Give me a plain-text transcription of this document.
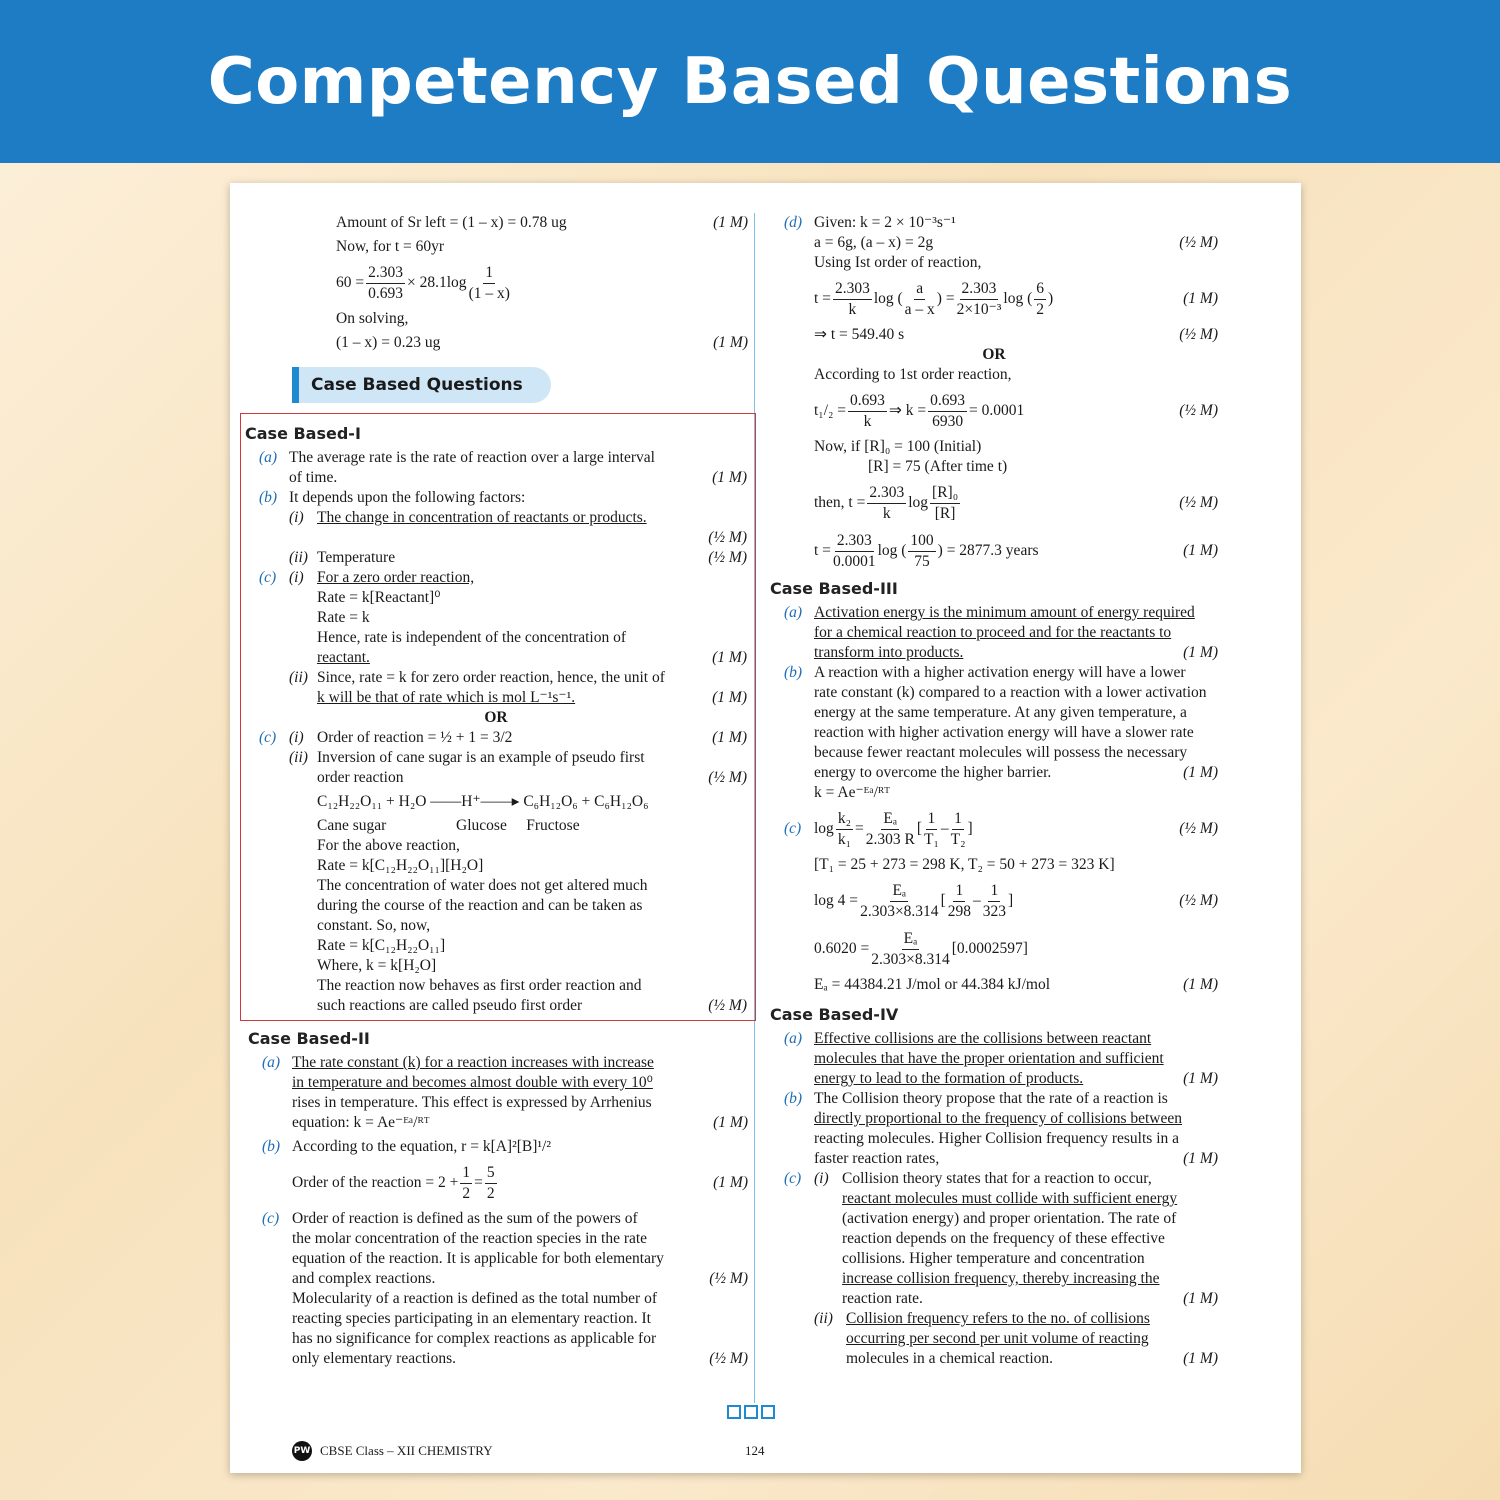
Competency Based Questions
Amount of Sr left = (1 – x) = 0.78 ug	(1 M)
Now, for t = 60yr
$60 = \frac{2.303}{0.693} \times 28.1\log \frac{1}{(1 - x)}$
On solving,
(1 – x) = 0.23 ug	(1 M)
Case Based Questions
Case Based-I
(a) The average rate is the rate of reaction over a large interval
of time.	(1 M)
(b) It depends upon the following factors:
(i) The change in concentration of reactants or products.
(½ M)

(ii) Temperature	(½ M)
(c) (i) For a zero order reaction,
Rate = k[Reactant]⁰
Rate = k
Hence, rate is independent of the concentration of
reactant.	(1 M)
(ii) Since, rate = k for zero order reaction, hence, the unit of
k will be that of rate which is mol L⁻¹s⁻¹.	(1 M)
OR
(c) (i) Order of reaction = ½ + 1 = 3/2	(1 M)
(ii) Inversion of cane sugar is an example of pseudo first
order reaction	(½ M)
C₁₂H₂₂O₁₁ + H₂O ——H⁺——▸ C₆H₁₂O₆ + C₆H₁₂O₆
Cane sugar                  Glucose     Fructose
For the above reaction,
Rate = k[C₁₂H₂₂O₁₁][H₂O]
The concentration of water does not get altered much
during the course of the reaction and can be taken as
constant. So, now,
Rate = k[C₁₂H₂₂O₁₁]
Where, k = k[H₂O]
The reaction now behaves as first order reaction and
such reactions are called pseudo first order	(½ M)
Case Based-II
(a) The rate constant (k) for a reaction increases with increase
in temperature and becomes almost double with every 10⁰
rises in temperature. This effect is expressed by Arrhenius
equation: k = Ae⁻ᴱᵃ/ᴿᵀ	(1 M)
(b) According to the equation, r = k[A]²[B]¹/²
Order of the reaction = $2 + \frac{1}{2} = \frac{5}{2}$	(1 M)
(c) Order of reaction is defined as the sum of the powers of
the molar concentration of the reaction species in the rate
equation of the reaction. It is applicable for both elementary
and complex reactions.	(½ M)
Molecularity of a reaction is defined as the total number of
reacting species participating in an elementary reaction. It
has no significance for complex reactions as applicable for
only elementary reactions.	(½ M)
(d) Given: k = 2 × 10⁻³s⁻¹
a = 6g, (a – x) = 2g	(½ M)
Using Ist order of reaction,
$t = \frac{2.303}{k}$ log ( $\frac{a}{a - x}$ ) = $\frac{2.303}{\text{2×10⁻³}}$ log ( $\frac{6}{2}$ )	(1 M)
⇒ t = 549.40 s	(½ M)
OR
According to 1st order reaction,
$t_1/_2 = \frac{0.693}{k}$ ⇒ $k = \frac{0.693}{6930} = 0.0001$	(½ M)
Now, if [R]₀ = 100 (Initial)
[R] = 75 (After time t)
then, $t = \frac{2.303}{k}$ $\log \frac{\text{[R]₀}}{[R]}$	(½ M)
$t = \frac{2.303}{0.0001}$ log ( $\frac{100}{75}$ ) = 2877.3 years	(1 M)
Case Based-III
(a) Activation energy is the minimum amount of energy required
for a chemical reaction to proceed and for the reactants to
transform into products.	(1 M)
(b) A reaction with a higher activation energy will have a lower
rate constant (k) compared to a reaction with a lower activation
energy at the same temperature. At any given temperature, a
reaction with higher activation energy will have a slower rate
because fewer reactant molecules will possess the necessary
energy to overcome the higher barrier.	(1 M)
k = Ae⁻ᴱᵃ/ᴿᵀ
(c) $\log \frac{\text{k₂}}{\text{k₁}} = \frac{\text{Eₐ}}{2.303 R}$ [ $\frac{1}{\text{T₁}} - \frac{1}{\text{T₂}}$ ]	(½ M)
[T₁ = 25 + 273 = 298 K, T₂ = 50 + 273 = 323 K]
$\log 4 = \frac{\text{Eₐ}}{2.303\times 8.314}$ [ $\frac{1}{298} - \frac{1}{323}$ ]	(½ M)
$0.6020 = \frac{\text{Eₐ}}{2.303\times 8.314} [0.0002597]$
Eₐ = 44384.21 J/mol or 44.384 kJ/mol	(1 M)
Case Based-IV
(a) Effective collisions are the collisions between reactant
molecules that have the proper orientation and sufficient
energy to lead to the formation of products.	(1 M)
(b) The Collision theory propose that the rate of a reaction is
directly proportional to the frequency of collisions between
reacting molecules. Higher Collision frequency results in a
faster reaction rates,	(1 M)
(c) (i) Collision theory states that for a reaction to occur,
reactant molecules must collide with sufficient energy
(activation energy) and proper orientation. The rate of
reaction depends on the frequency of these effective
collisions. Higher temperature and concentration
increase collision frequency, thereby increasing the
reaction rate.	(1 M)
(ii) Collision frequency refers to the no. of collisions
occurring per second per unit volume of reacting
molecules in a chemical reaction.	(1 M)
PW CBSE Class – XII CHEMISTRY	124
